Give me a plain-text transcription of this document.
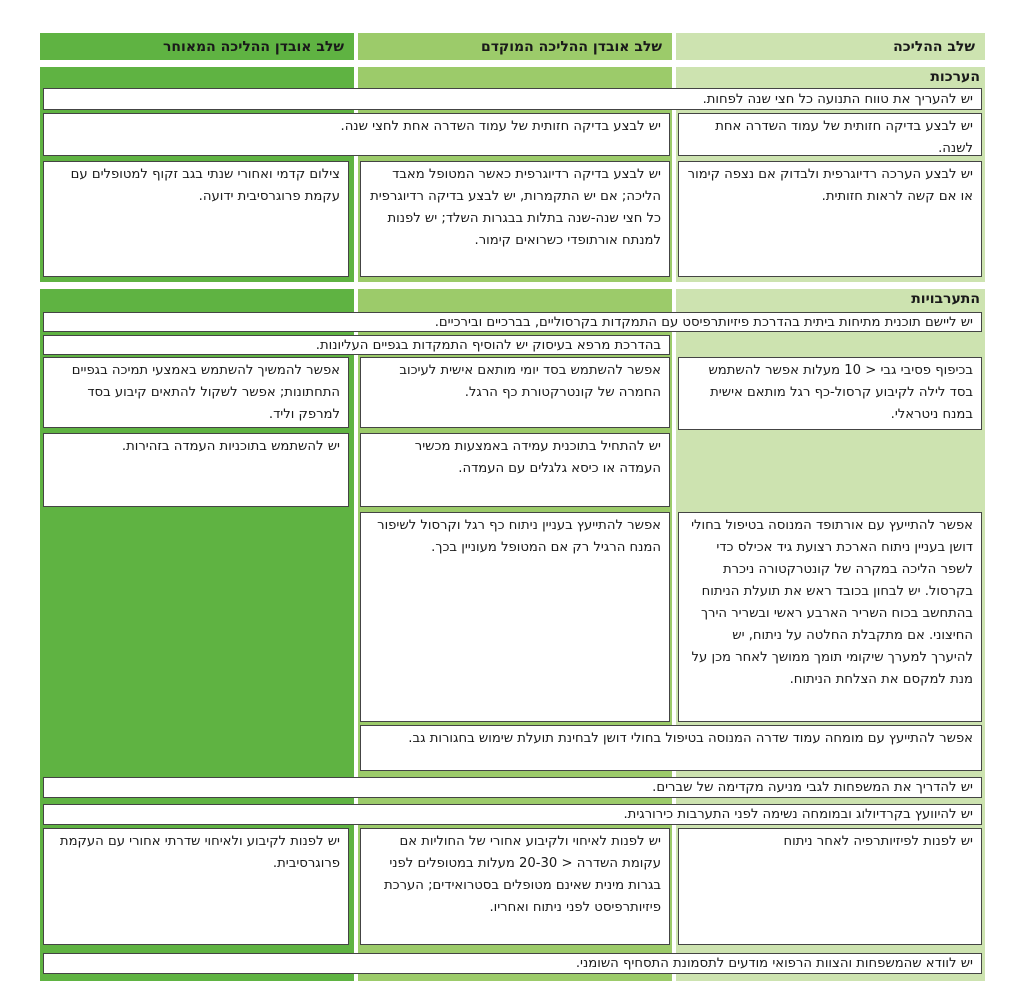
שלב ההליכה
שלב אובדן ההליכה המוקדם
שלב אובדן ההליכה המאוחר
הערכות
יש להעריך את טווח התנועה כל חצי שנה לפחות.
יש לבצע בדיקה חזותית של עמוד השדרה אחת לשנה.
יש לבצע בדיקה חזותית של עמוד השדרה אחת לחצי שנה.
יש לבצע הערכה רדיוגרפית ולבדוק אם נצפה קימור או אם קשה לראות חזותית.
יש לבצע בדיקה רדיוגרפית כאשר המטופל מאבד הליכה; אם יש התקמרות, יש לבצע בדיקה רדיוגרפית כל חצי שנה-שנה בתלות בבגרות השלד; יש לפנות למנתח אורתופדי כשרואים קימור.
צילום קדמי ואחורי שנתי בגב זקוף למטופלים עם עקמת פרוגרסיבית ידועה.
התערבויות
יש ליישם תוכנית מתיחות ביתית בהדרכת פיזיותרפיסט עם התמקדות בקרסוליים, בברכיים ובירכיים.
בהדרכת מרפא בעיסוק יש להוסיף התמקדות בגפיים העליונות.
בכיפוף פסיבי גבי < 10 מעלות אפשר להשתמש בסד לילה לקיבוע קרסול-כף רגל מותאם אישית במנח ניטראלי.
אפשר להשתמש בסד יומי מותאם אישית לעיכוב החמרה של קונטרקטורת כף הרגל.
אפשר להמשיך להשתמש באמצעי תמיכה בגפיים התחתונות; אפשר לשקול להתאים קיבוע בסד למרפק וליד.
יש להתחיל בתוכנית עמידה באמצעות מכשיר העמדה או כיסא גלגלים עם העמדה.
יש להשתמש בתוכניות העמדה בזהירות.
אפשר להתייעץ עם אורתופד המנוסה בטיפול בחולי דושן בעניין ניתוח הארכת רצועת גיד אכילס כדי לשפר הליכה במקרה של קונטרקטורה ניכרת בקרסול. יש לבחון בכובד ראש את תועלת הניתוח בהתחשב בכוח השריר הארבע ראשי ובשריר הירך החיצוני. אם מתקבלת החלטה על ניתוח, יש להיערך למערך שיקומי תומך ממושך לאחר מכן על מנת למקסם את הצלחת הניתוח.
אפשר להתייעץ בעניין ניתוח כף רגל וקרסול לשיפור המנח הרגיל רק אם המטופל מעוניין בכך.
אפשר להתייעץ עם מומחה עמוד שדרה המנוסה בטיפול בחולי דושן לבחינת תועלת שימוש בחגורות גב.
יש להדריך את המשפחות לגבי מניעה מקדימה של שברים.
יש להיוועץ בקרדיולוג ובמומחה נשימה לפני התערבות כירורגית.
יש לפנות לפיזיותרפיה לאחר ניתוח
יש לפנות לאיחוי ולקיבוע אחורי של החוליות אם עקומת השדרה < 20-30 מעלות במטופלים לפני בגרות מינית שאינם מטופלים בסטרואידים; הערכת פיזיותרפיסט לפני ניתוח ואחריו.
יש לפנות לקיבוע ולאיחוי שדרתי אחורי עם העקמת פרוגרסיבית.
יש לוודא שהמשפחות והצוות הרפואי מודעים לתסמונת התסחיף השומני.
